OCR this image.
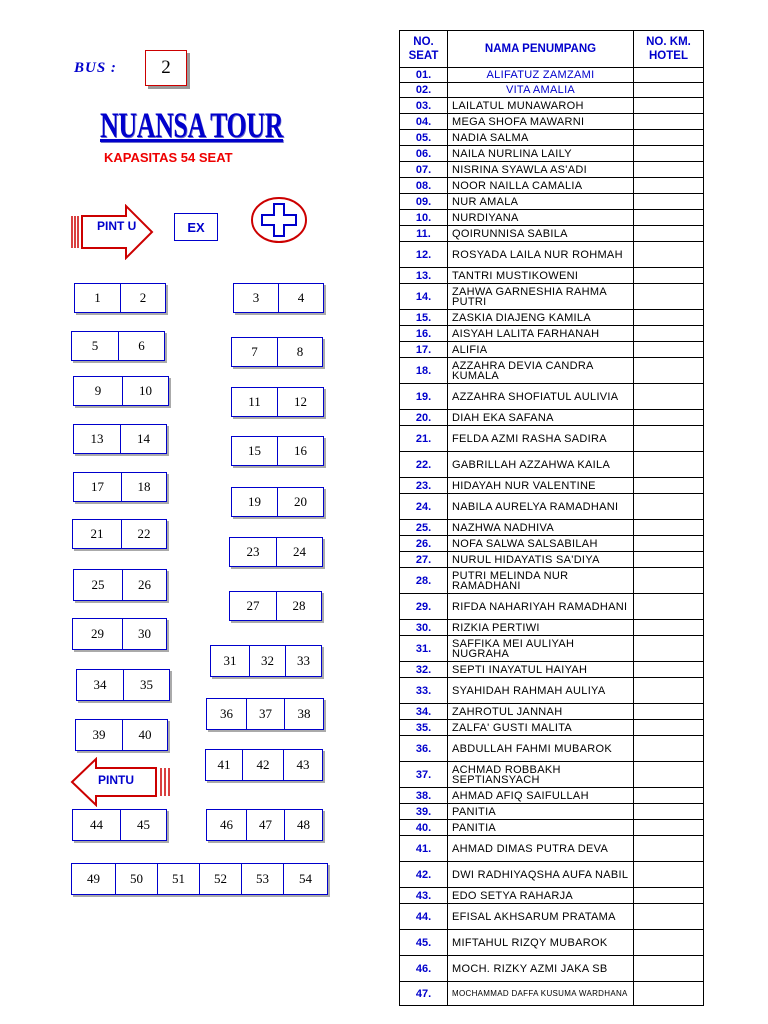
BUS :	2
NUANSA TOUR
KAPASITAS 54 SEAT
PINT U	EX
PINTU
1	2	3	4
5	6	7	8
9	10
11	12
13	14
15	16
17	18
19	20
21	22
23	24
25	26
27	28
29	30
31	32	33
34	35
36	37	38
39	40
41	42	43
44	45	46	47	48
49	50	51	52	53	54
NO. SEAT	NAMA PENUMPANG	NO. KM. HOTEL
01.	ALIFATUZ ZAMZAMI	
02.	VITA AMALIA	
03.	LAILATUL MUNAWAROH	
04.	MEGA SHOFA MAWARNI	
05.	NADIA SALMA	
06.	NAILA NURLINA LAILY	
07.	NISRINA SYAWLA AS'ADI	
08.	NOOR NAILLA CAMALIA	
09.	NUR AMALA	
10.	NURDIYANA	
11.	QOIRUNNISA SABILA	
12.	ROSYADA LAILA NUR ROHMAH	
13.	TANTRI MUSTIKOWENI	
14.	ZAHWA GARNESHIA RAHMA PUTRI	
15.	ZASKIA DIAJENG KAMILA	
16.	AISYAH LALITA FARHANAH	
17.	ALIFIA	
18.	AZZAHRA DEVIA CANDRA KUMALA	
19.	AZZAHRA SHOFIATUL AULIVIA	
20.	DIAH EKA SAFANA	
21.	FELDA AZMI RASHA SADIRA	
22.	GABRILLAH AZZAHWA KAILA	
23.	HIDAYAH NUR VALENTINE	
24.	NABILA AURELYA RAMADHANI	
25.	NAZHWA NADHIVA	
26.	NOFA SALWA SALSABILAH	
27.	NURUL HIDAYATIS SA'DIYA	
28.	PUTRI MELINDA NUR RAMADHANI	
29.	RIFDA NAHARIYAH RAMADHANI	
30.	RIZKIA PERTIWI	
31.	SAFFIKA MEI AULIYAH NUGRAHA	
32.	SEPTI INAYATUL HAIYAH	
33.	SYAHIDAH RAHMAH AULIYA	
34.	ZAHROTUL JANNAH	
35.	ZALFA' GUSTI MALITA	
36.	ABDULLAH FAHMI MUBAROK	
37.	ACHMAD ROBBAKH SEPTIANSYACH	
38.	AHMAD AFIQ SAIFULLAH	
39.	PANITIA	
40.	PANITIA	
41.	AHMAD DIMAS PUTRA DEVA	
42.	DWI RADHIYAQSHA AUFA NABIL	
43.	EDO SETYA RAHARJA	
44.	EFISAL AKHSARUM PRATAMA	
45.	MIFTAHUL RIZQY MUBAROK	
46.	MOCH. RIZKY AZMI JAKA SB	
47.	MOCHAMMAD DAFFA KUSUMA WARDHANA	
